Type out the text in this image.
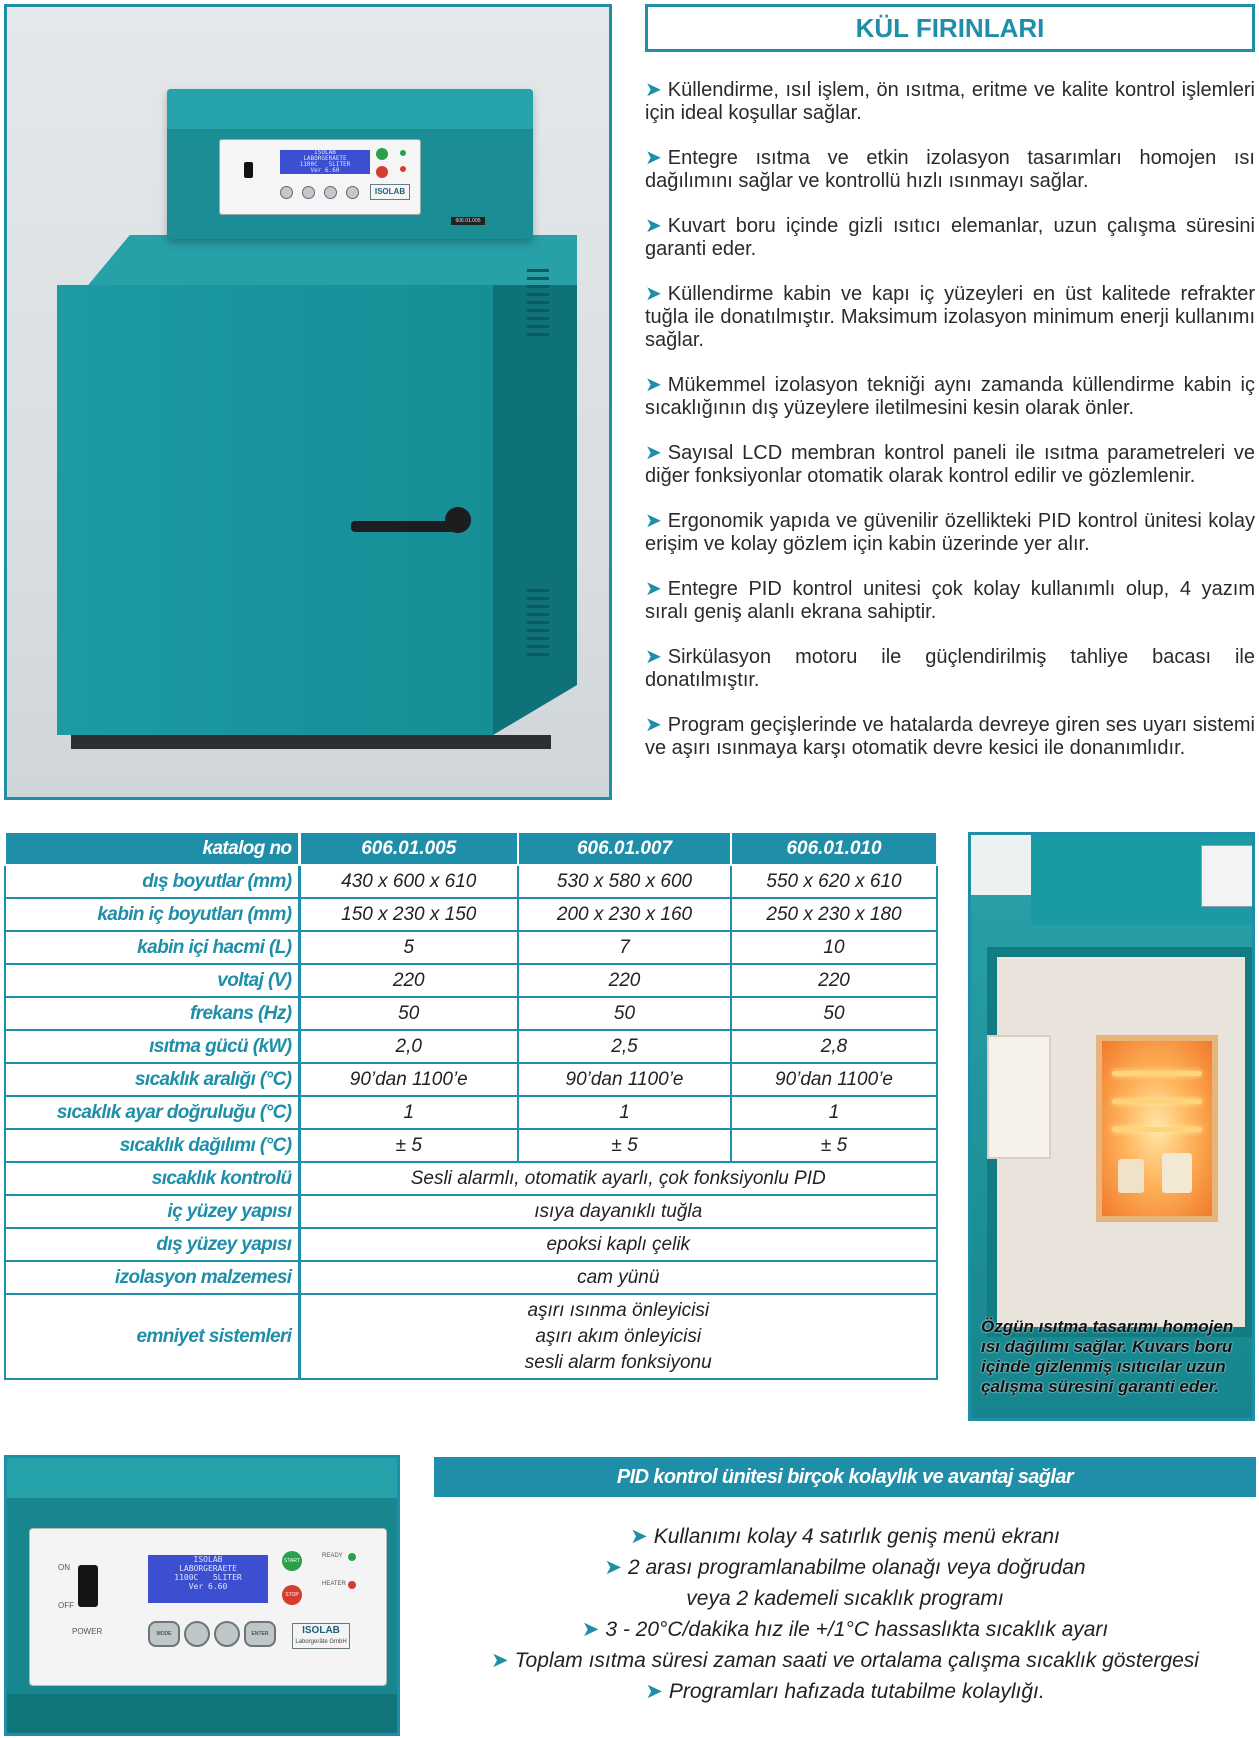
ISOLAB
LABORGERAETE
1100C   5LITER
Ver 6.60
ISOLAB
606.01.005
KÜL FIRINLARI

➤ Küllendirme, ısıl işlem, ön ısıtma, eritme ve kalite kontrol işlemleri için ideal koşullar sağlar.

➤ Entegre ısıtma ve etkin izolasyon tasarımları homojen ısı dağılımını sağlar ve kontrollü hızlı ısınmayı sağlar.

➤ Kuvart boru içinde gizli ısıtıcı elemanlar, uzun çalışma süresini garanti eder.

➤ Küllendirme kabin ve kapı iç yüzeyleri en üst kalitede refrakter tuğla ile donatılmıştır. Maksimum izolasyon minimum enerji kullanımı sağlar.

➤ Mükemmel izolasyon tekniği aynı zamanda küllendirme kabin iç sıcaklığının dış yüzeylere iletilmesini kesin olarak önler.

➤ Sayısal LCD membran kontrol paneli ile ısıtma parametreleri ve diğer fonksiyonlar otomatik olarak kontrol edilir ve gözlemlenir.

➤ Ergonomik yapıda ve güvenilir özellikteki PID kontrol ünitesi kolay erişim ve kolay gözlem için kabin üzerinde yer alır.

➤ Entegre PID kontrol unitesi çok kolay kullanımlı olup, 4 yazım sıralı geniş alanlı ekrana sahiptir.

➤ Sirkülasyon motoru ile güçlendirilmiş tahliye bacası ile donatılmıştır.

➤ Program geçişlerinde ve hatalarda devreye giren ses uyarı sistemi ve aşırı ısınmaya karşı otomatik devre kesici ile donanımlıdır.

katalog no	606.01.005	606.01.007	606.01.010
dış boyutlar (mm)	430 x 600 x 610	530 x 580 x 600	550 x 620 x 610
kabin iç boyutları (mm)	150 x 230 x 150	200 x 230 x 160	250 x 230 x 180
kabin içi hacmi (L)	5	7	10
voltaj (V)	220	220	220
frekans (Hz)	50	50	50
ısıtma gücü (kW)	2,0	2,5	2,8
sıcaklık aralığı (°C)	90’dan 1100’e	90’dan 1100’e	90’dan 1100’e
sıcaklık ayar doğruluğu (°C)	1	1	1
sıcaklık dağılımı (°C)	± 5	± 5	± 5
sıcaklık kontrolü	Sesli alarmlı, otomatik ayarlı, çok fonksiyonlu PID		
iç yüzey yapısı	ısıya dayanıklı tuğla		
dış yüzey yapısı	epoksi kaplı çelik		
izolasyon malzemesi	cam yünü		
emniyet sistemleri	aşırı ısınma önleyicisi
aşırı akım önleyicisi
sesli alarm fonksiyonu		
Özgün ısıtma tasarımı homojen ısı dağılımı sağlar. Kuvars boru içinde gizlenmiş ısıtıcılar uzun çalışma süresini garanti eder.
ON
OFF
POWER
ISOLAB
LABORGERAETE
1100C   5LITER
Ver 6.60
START
STOP
READY
HEATER
MODE	ENTER	ISOLAB
Laborgeräte GmbH
PID kontrol ünitesi birçok kolaylık ve avantaj sağlar
➤ Kullanımı kolay 4 satırlık geniş menü ekranı
➤ 2 arası programlanabilme olanağı veya doğrudan veya 2 kademeli sıcaklık programı
➤ 3 - 20°C/dakika hız ile +/1°C hassaslıkta sıcaklık ayarı
➤ Toplam ısıtma süresi zaman saati ve ortalama çalışma sıcaklık göstergesi
➤ Programları hafızada tutabilme kolaylığı.
